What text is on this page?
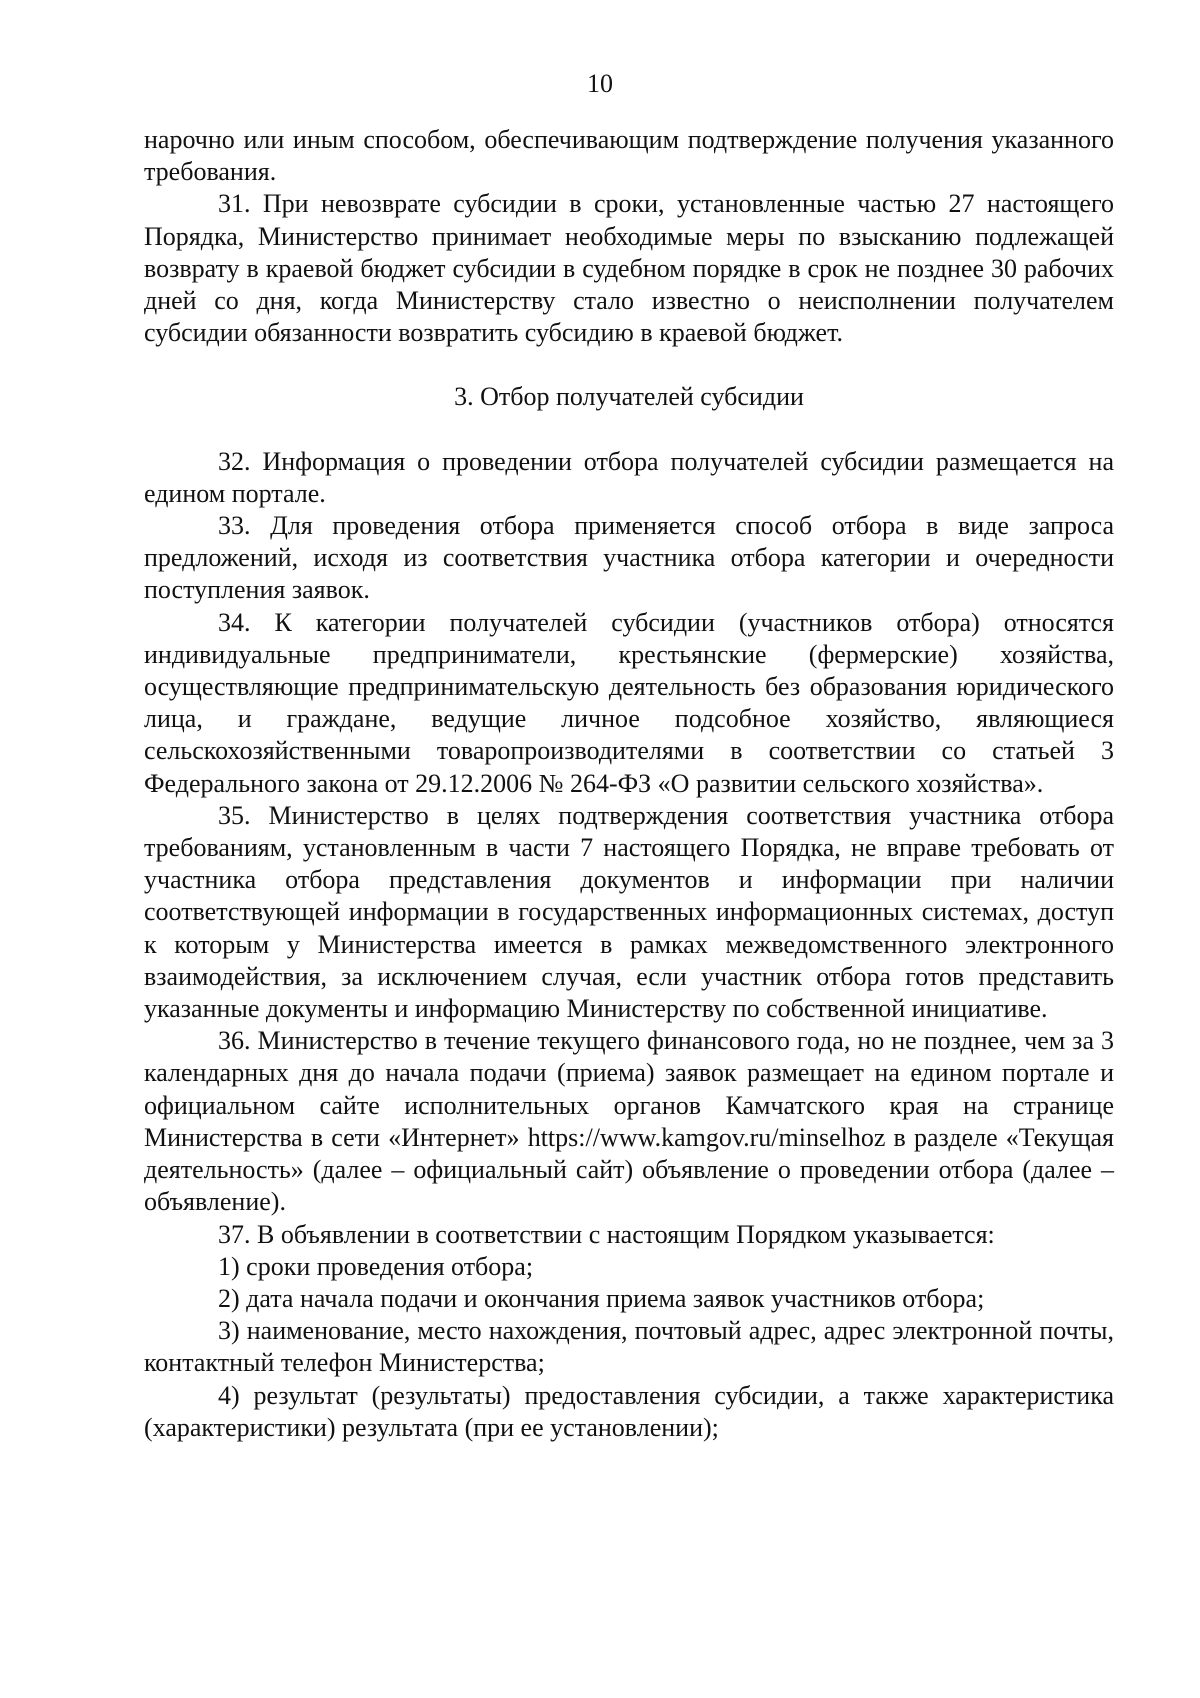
10

нарочно или иным способом, обеспечивающим подтверждение получения указанного требования.

31. При невозврате субсидии в сроки, установленные частью 27 настоящего Порядка, Министерство принимает необходимые меры по взысканию подлежащей возврату в краевой бюджет субсидии в судебном порядке в срок не позднее 30 рабочих дней со дня, когда Министерству стало известно о неисполнении получателем субсидии обязанности возвратить субсидию в краевой бюджет.

3. Отбор получателей субсидии

32. Информация о проведении отбора получателей субсидии размещается на едином портале.

33. Для проведения отбора применяется способ отбора в виде запроса предложений, исходя из соответствия участника отбора категории и очередности поступления заявок.

34. К категории получателей субсидии (участников отбора) относятся индивидуальные предприниматели, крестьянские (фермерские) хозяйства, осуществляющие предпринимательскую деятельность без образования юридического лица, и граждане, ведущие личное подсобное хозяйство, являющиеся сельскохозяйственными товаропроизводителями в соответствии со статьей 3 Федерального закона от 29.12.2006 № 264-ФЗ «О развитии сельского хозяйства».

35. Министерство в целях подтверждения соответствия участника отбора требованиям, установленным в части 7 настоящего Порядка, не вправе требовать от участника отбора представления документов и информации при наличии соответствующей информации в государственных информационных системах, доступ к которым у Министерства имеется в рамках межведомственного электронного взаимодействия, за исключением случая, если участник отбора готов представить указанные документы и информацию Министерству по собственной инициативе.

36. Министерство в течение текущего финансового года, но не позднее, чем за 3 календарных дня до начала подачи (приема) заявок размещает на едином портале и официальном сайте исполнительных органов Камчатского края на странице Министерства в сети «Интернет» https://www.kamgov.ru/minselhoz в разделе «Текущая деятельность» (далее – официальный сайт) объявление о проведении отбора (далее – объявление).

37. В объявлении в соответствии с настоящим Порядком указывается:

1) сроки проведения отбора;

2) дата начала подачи и окончания приема заявок участников отбора;

3) наименование, место нахождения, почтовый адрес, адрес электронной почты, контактный телефон Министерства;

4) результат (результаты) предоставления субсидии, а также характеристика (характеристики) результата (при ее установлении);
